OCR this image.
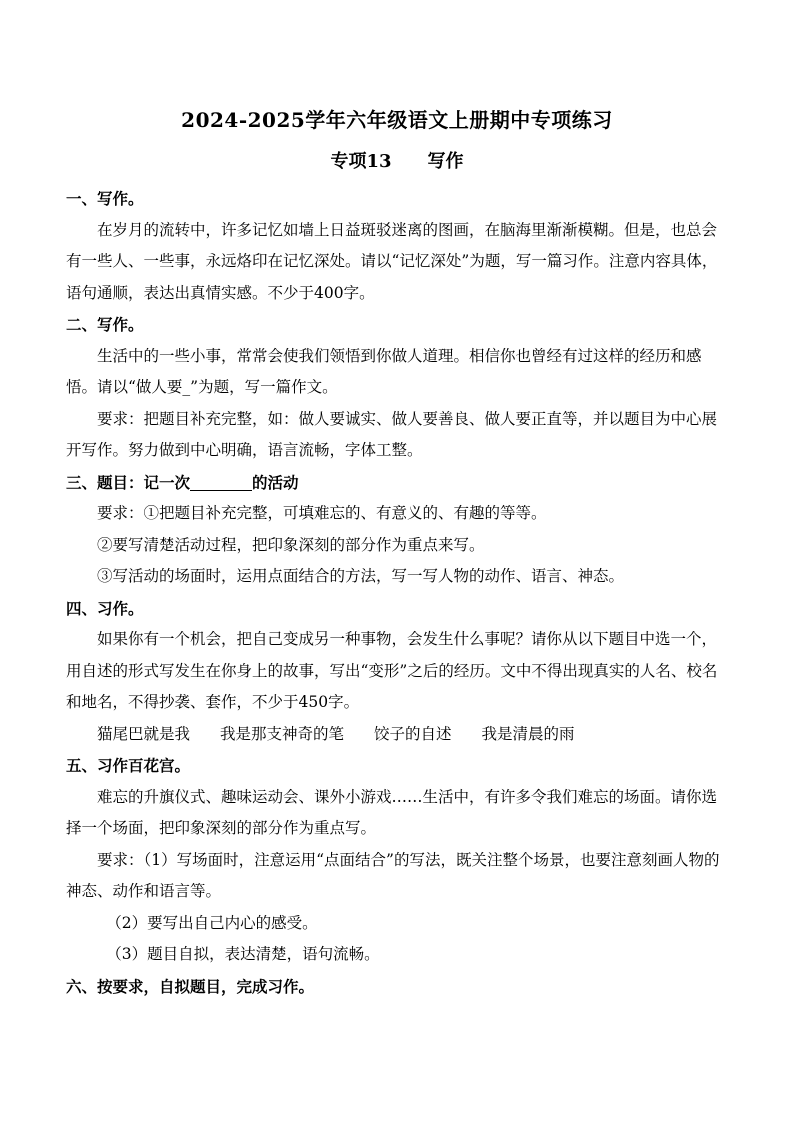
2024-2025学年六年级语文上册期中专项练习
专项13 写作
一、写作。
在岁月的流转中，许多记忆如墙上日益斑驳迷离的图画，在脑海里渐渐模糊。但是，也总会有一些人、一些事，永远烙印在记忆深处。请以“记忆深处”为题，写一篇习作。注意内容具体，语句通顺，表达出真情实感。不少于400字。
二、写作。
生活中的一些小事，常常会使我们领悟到你做人道理。相信你也曾经有过这样的经历和感悟。请以“做人要_”为题，写一篇作文。
要求：把题目补充完整，如：做人要诚实、做人要善良、做人要正直等，并以题目为中心展开写作。努力做到中心明确，语言流畅，字体工整。
三、题目：记一次	的活动
要求：①把题目补充完整，可填难忘的、有意义的、有趣的等等。
②要写清楚活动过程，把印象深刻的部分作为重点来写。
③写活动的场面时，运用点面结合的方法，写一写人物的动作、语言、神态。
四、习作。
如果你有一个机会，把自己变成另一种事物，会发生什么事呢？请你从以下题目中选一个，用自述的形式写发生在你身上的故事，写出“变形”之后的经历。文中不得出现真实的人名、校名和地名，不得抄袭、套作，不少于450字。
猫尾巴就是我 我是那支神奇的笔 饺子的自述 我是清晨的雨
五、习作百花宫。
难忘的升旗仪式、趣味运动会、课外小游戏……生活中，有许多令我们难忘的场面。请你选择一个场面，把印象深刻的部分作为重点写。
要求：（1）写场面时，注意运用“点面结合”的写法，既关注整个场景，也要注意刻画人物的神态、动作和语言等。
（2）要写出自己内心的感受。
（3）题目自拟，表达清楚，语句流畅。
六、按要求，自拟题目，完成习作。
